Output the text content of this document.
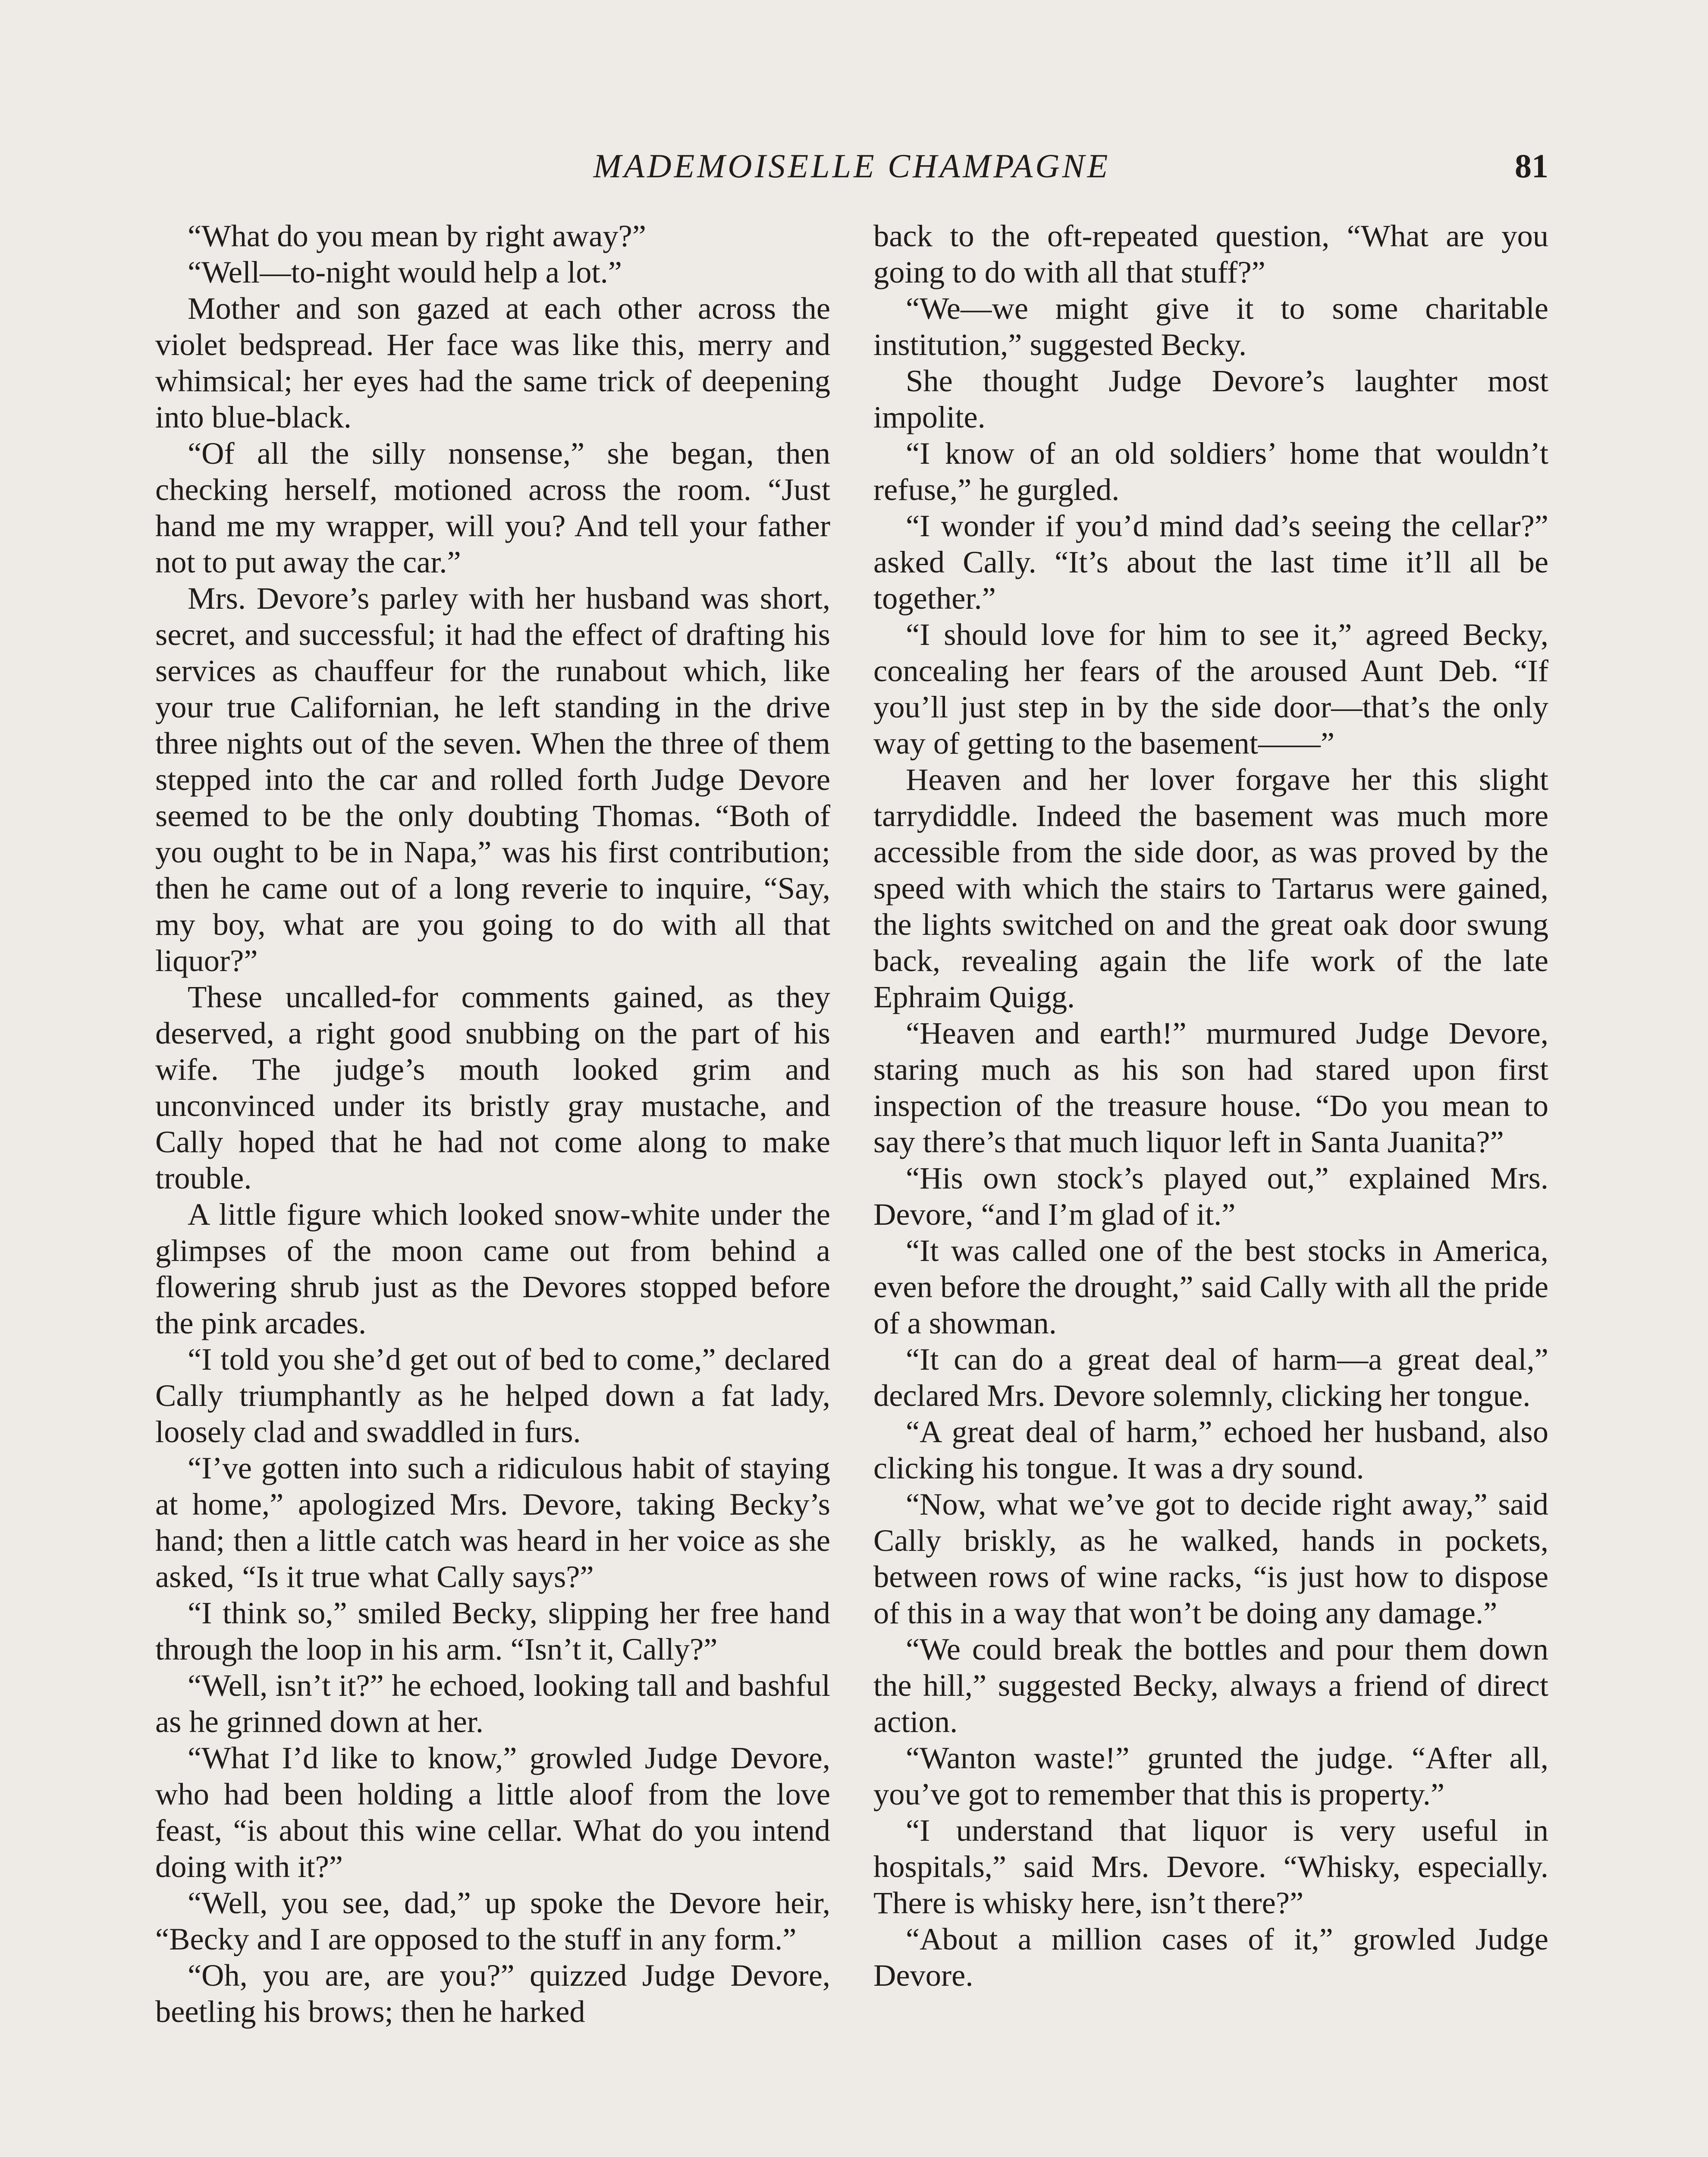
MADEMOISELLE CHAMPAGNE	81

“What do you mean by right away?”

“Well—to-night would help a lot.”

Mother and son gazed at each other across the violet bedspread. Her face was like this, merry and whimsical; her eyes had the same trick of deepening into blue-black.

“Of all the silly nonsense,” she began, then checking herself, motioned across the room. “Just hand me my wrapper, will you? And tell your father not to put away the car.”

Mrs. Devore’s parley with her husband was short, secret, and successful; it had the effect of drafting his services as chauffeur for the runabout which, like your true Californian, he left standing in the drive three nights out of the seven. When the three of them stepped into the car and rolled forth Judge Devore seemed to be the only doubting Thomas. “Both of you ought to be in Napa,” was his first contribution; then he came out of a long reverie to inquire, “Say, my boy, what are you going to do with all that liquor?”

These uncalled-for comments gained, as they deserved, a right good snubbing on the part of his wife. The judge’s mouth looked grim and unconvinced under its bristly gray mustache, and Cally hoped that he had not come along to make trouble.

A little figure which looked snow-white under the glimpses of the moon came out from behind a flowering shrub just as the Devores stopped before the pink arcades.

“I told you she’d get out of bed to come,” declared Cally triumphantly as he helped down a fat lady, loosely clad and swaddled in furs.

“I’ve gotten into such a ridiculous habit of staying at home,” apologized Mrs. Devore, taking Becky’s hand; then a little catch was heard in her voice as she asked, “Is it true what Cally says?”

“I think so,” smiled Becky, slipping her free hand through the loop in his arm. “Isn’t it, Cally?”

“Well, isn’t it?” he echoed, looking tall and bashful as he grinned down at her.

“What I’d like to know,” growled Judge Devore, who had been holding a little aloof from the love feast, “is about this wine cellar. What do you intend doing with it?”

“Well, you see, dad,” up spoke the Devore heir, “Becky and I are opposed to the stuff in any form.”

“Oh, you are, are you?” quizzed Judge Devore, beetling his brows; then he harked

back to the oft-repeated question, “What are you going to do with all that stuff?”

“We—we might give it to some charitable institution,” suggested Becky.

She thought Judge Devore’s laughter most impolite.

“I know of an old soldiers’ home that wouldn’t refuse,” he gurgled.

“I wonder if you’d mind dad’s seeing the cellar?” asked Cally. “It’s about the last time it’ll all be together.”

“I should love for him to see it,” agreed Becky, concealing her fears of the aroused Aunt Deb. “If you’ll just step in by the side door—that’s the only way of getting to the basement——”

Heaven and her lover forgave her this slight tarrydiddle. Indeed the basement was much more accessible from the side door, as was proved by the speed with which the stairs to Tartarus were gained, the lights switched on and the great oak door swung back, revealing again the life work of the late Ephraim Quigg.

“Heaven and earth!” murmured Judge Devore, staring much as his son had stared upon first inspection of the treasure house. “Do you mean to say there’s that much liquor left in Santa Juanita?”

“His own stock’s played out,” explained Mrs. Devore, “and I’m glad of it.”

“It was called one of the best stocks in America, even before the drought,” said Cally with all the pride of a showman.

“It can do a great deal of harm—a great deal,” declared Mrs. Devore solemnly, clicking her tongue.

“A great deal of harm,” echoed her husband, also clicking his tongue. It was a dry sound.

“Now, what we’ve got to decide right away,” said Cally briskly, as he walked, hands in pockets, between rows of wine racks, “is just how to dispose of this in a way that won’t be doing any damage.”

“We could break the bottles and pour them down the hill,” suggested Becky, always a friend of direct action.

“Wanton waste!” grunted the judge. “After all, you’ve got to remember that this is property.”

“I understand that liquor is very useful in hospitals,” said Mrs. Devore. “Whisky, especially. There is whisky here, isn’t there?”

“About a million cases of it,” growled Judge Devore.
